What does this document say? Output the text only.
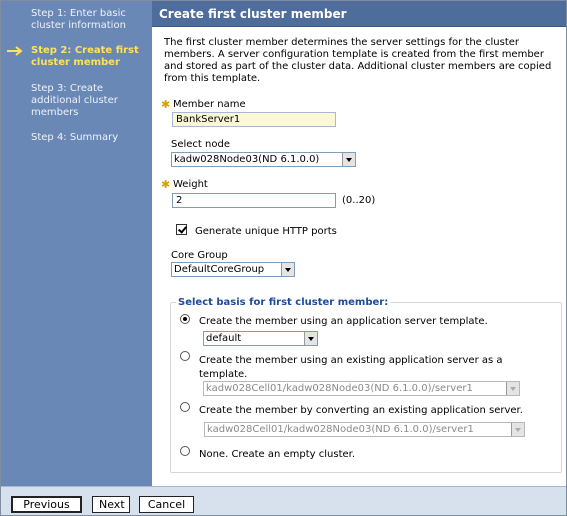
Step 1: Enter basic cluster information
Step 2: Create first cluster member
Step 3: Create additional cluster members
Step 4: Summary
Create first cluster member
The first cluster member determines the server settings for the cluster members. A server configuration template is created from the first member and stored as part of the cluster data. Additional cluster members are copied from this template.
✱ Member name
BankServer1
Select node
kadw028Node03(ND 6.1.0.0)
✱ Weight
2	(0..20)
Generate unique HTTP ports
Core Group
DefaultCoreGroup
Select basis for first cluster member:
Create the member using an application server template.
default
Create the member using an existing application server as a template.
kadw028Cell01/kadw028Node03(ND 6.1.0.0)/server1
Create the member by converting an existing application server.
kadw028Cell01/kadw028Node03(ND 6.1.0.0)/server1
None. Create an empty cluster.
Previous	Next	Cancel
